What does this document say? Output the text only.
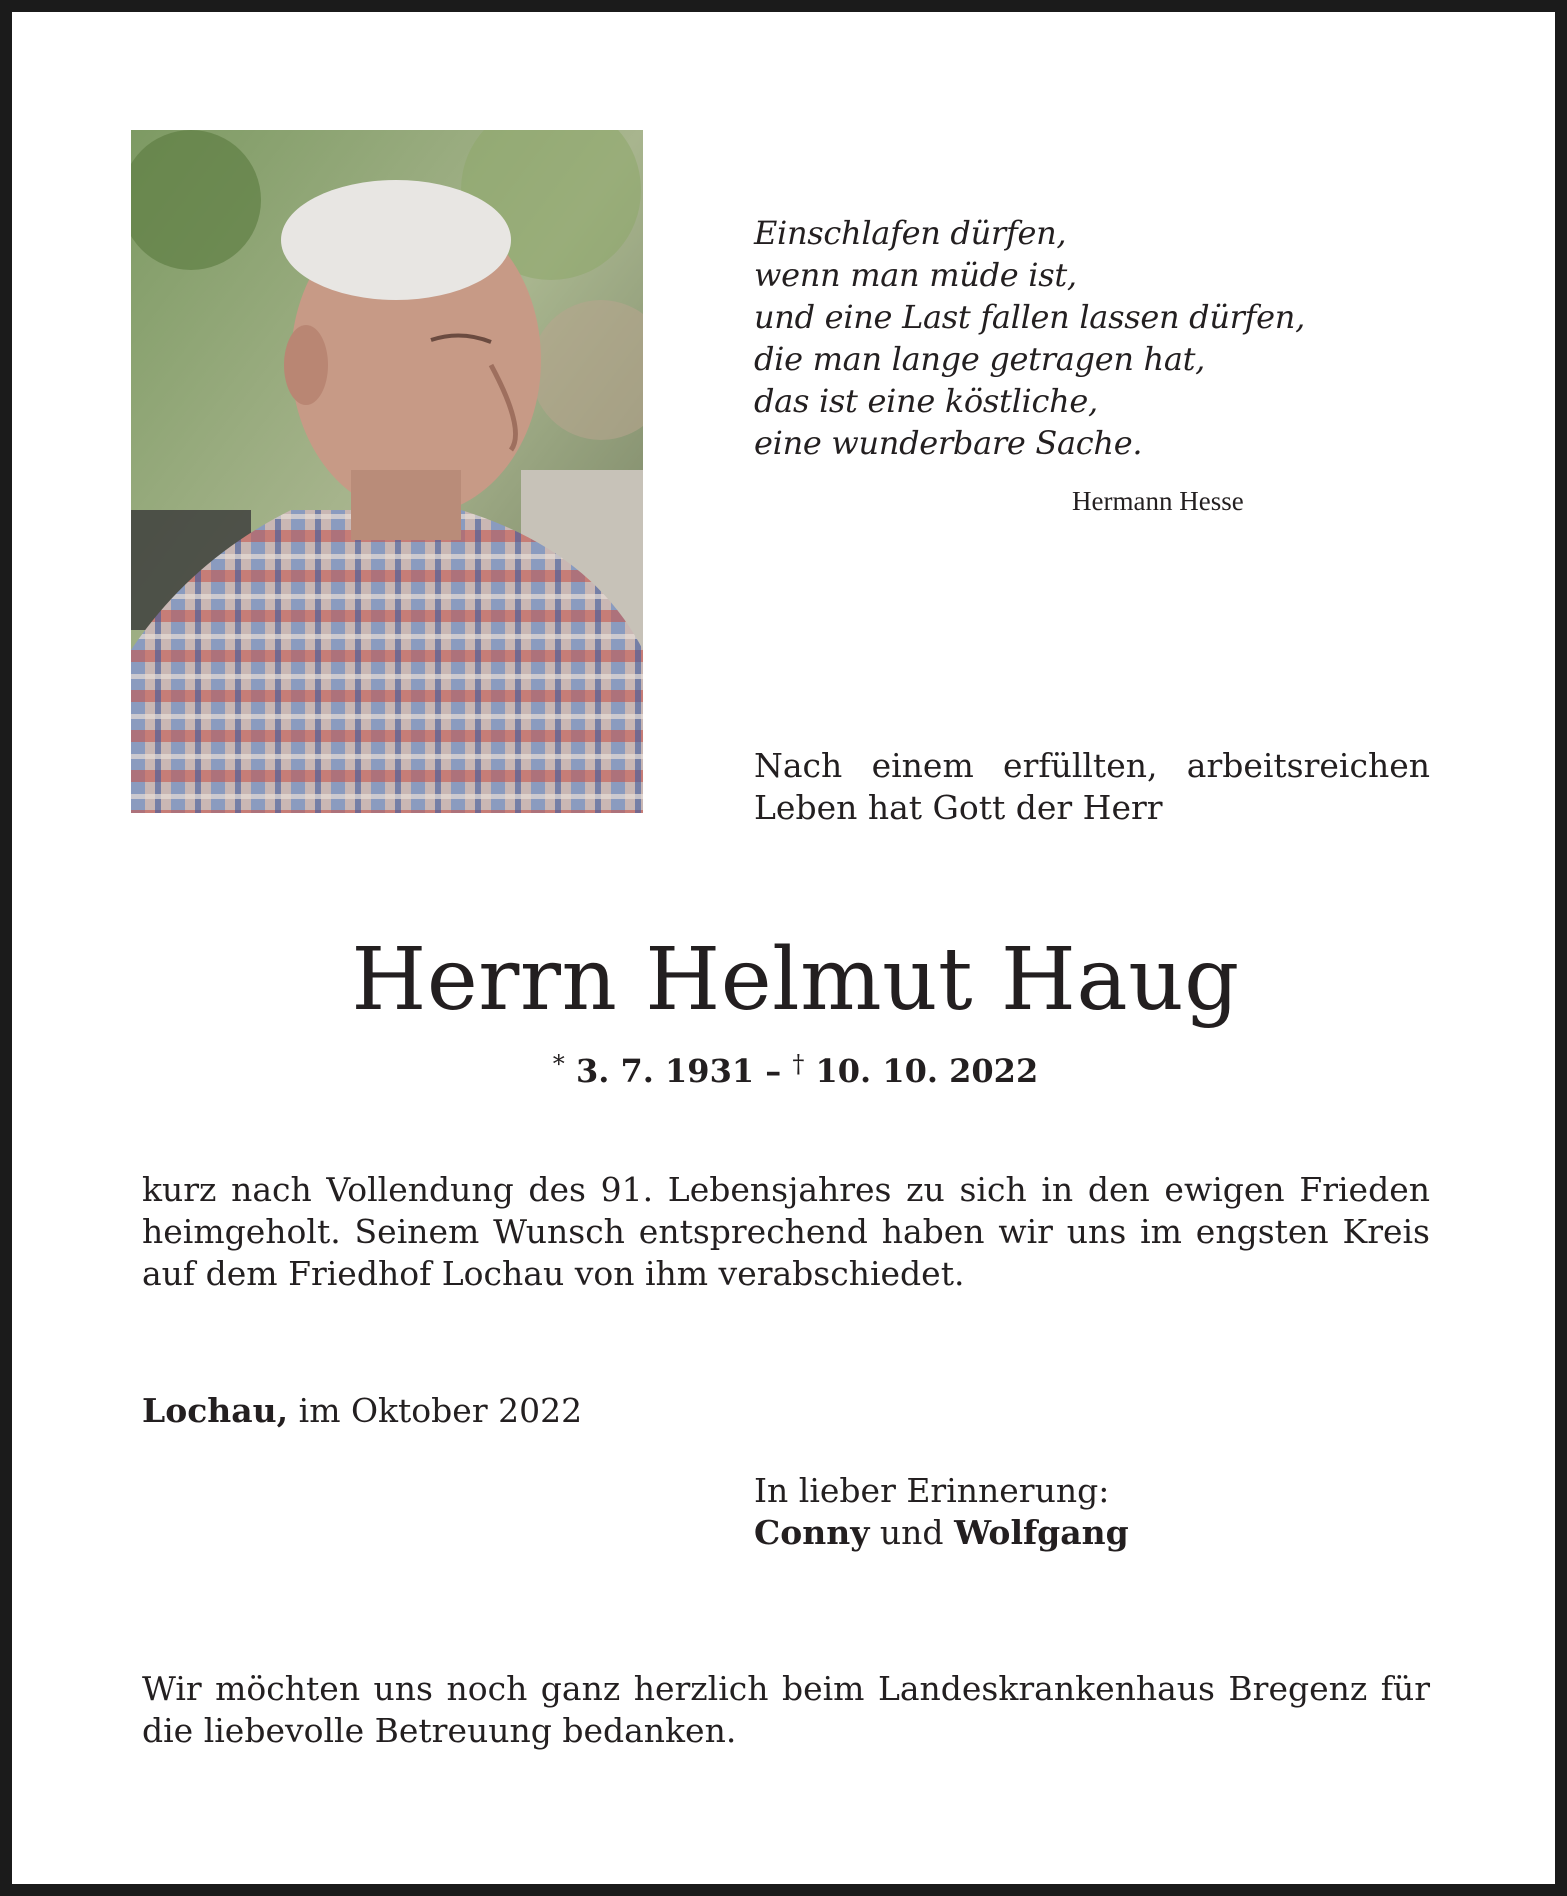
Einschlafen dürfen,
wenn man müde ist,
und eine Last fallen lassen dürfen,
die man lange getragen hat,
das ist eine köstliche,
eine wunderbare Sache.
Hermann Hesse
Nach einem erfüllten, arbeitsreichen Leben hat Gott der Herr
Herrn Helmut Haug
* 3. 7. 1931 – † 10. 10. 2022
kurz nach Vollendung des 91. Lebensjahres zu sich in den ewigen Frieden heimgeholt. Seinem Wunsch entsprechend haben wir uns im engsten Kreis auf dem Friedhof Lochau von ihm verabschiedet.
Lochau, im Oktober 2022
In lieber Erinnerung:
Conny und Wolfgang
Wir möchten uns noch ganz herzlich beim Landeskrankenhaus Bregenz für die liebevolle Betreuung bedanken.
